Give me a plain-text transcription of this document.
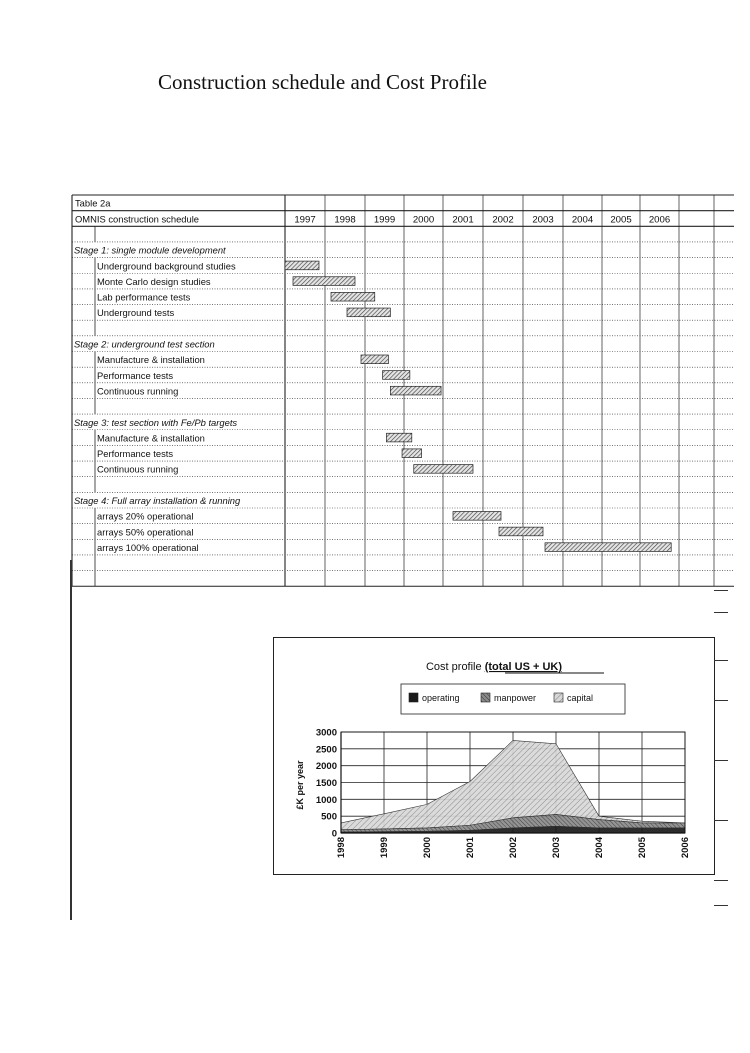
Construction schedule and Cost Profile
Table 2a
OMNIS construction schedule	1997 1998 1999 2000 2001 2002 2003 2004 2005 2006
Stage 1: single module development
Underground background studies
Monte Carlo design studies
Lab performance tests
Underground tests
Stage 2: underground test section
Manufacture & installation
Performance tests
Continuous running
Stage 3: test section with Fe/Pb targets
Manufacture & installation
Performance tests
Continuous running
Stage 4: Full array installation & running
arrays 20% operational
arrays 50% operational
arrays 100% operational
Cost profile (total US + UK)
operating	manpower	capital
0
500
1000
1500
2000
2500
3000
1998	1999	2000	2001	2002	2003	2004	2005	2006
£K per year
